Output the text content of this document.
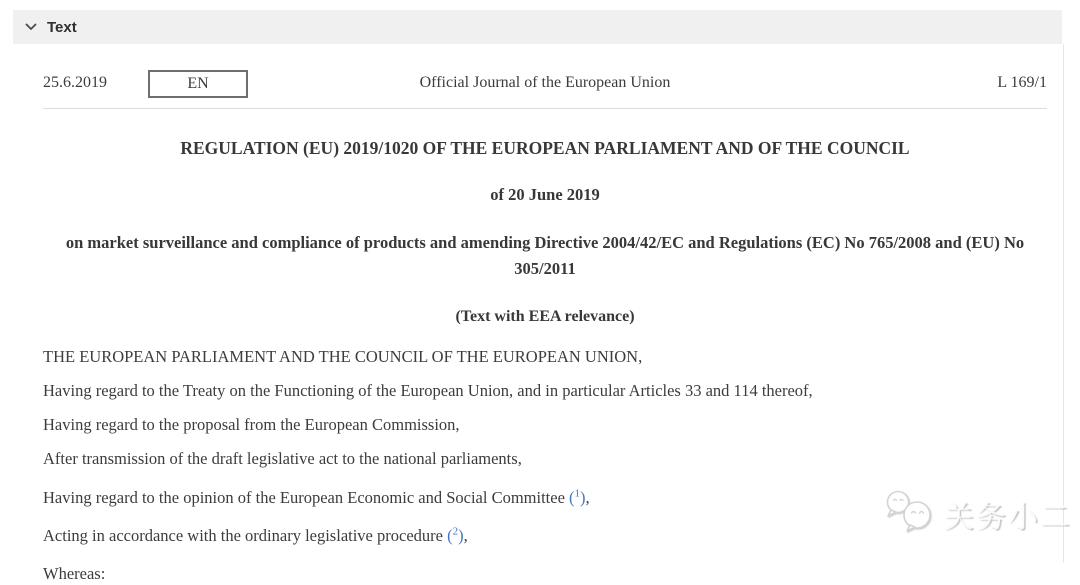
Text
25.6.2019	EN	Official Journal of the European Union	L 169/1
REGULATION (EU) 2019/1020 OF THE EUROPEAN PARLIAMENT AND OF THE COUNCIL
of 20 June 2019
on market surveillance and compliance of products and amending Directive 2004/42/EC and Regulations (EC) No 765/2008 and (EU) No 305/2011
(Text with EEA relevance)

THE EUROPEAN PARLIAMENT AND THE COUNCIL OF THE EUROPEAN UNION,

Having regard to the Treaty on the Functioning of the European Union, and in particular Articles 33 and 114 thereof,

Having regard to the proposal from the European Commission,

After transmission of the draft legislative act to the national parliaments,

Having regard to the opinion of the European Economic and Social Committee ($^1$),

Acting in accordance with the ordinary legislative procedure ($^2$),

Whereas:

关务小二
